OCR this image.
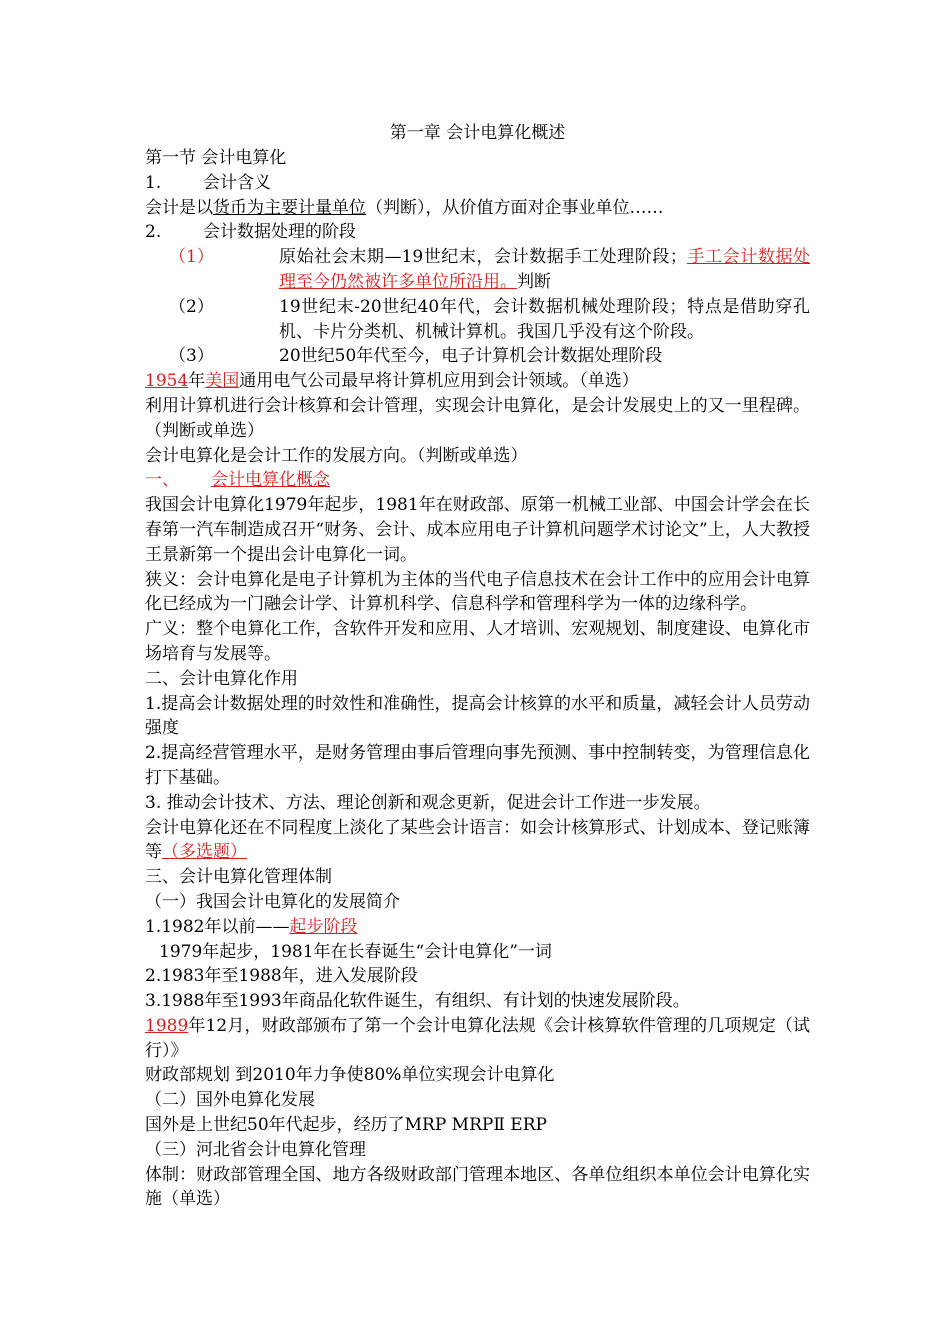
第一章 会计电算化概述
第一节 会计电算化
1. 会计含义
会计是以货币为主要计量单位（判断），从价值方面对企事业单位……
2. 会计数据处理的阶段
（1）	原始社会末期—19世纪末，会计数据手工处理阶段；手工会计数据处理至今仍然被许多单位所沿用。判断
（2）	19世纪末-20世纪40年代，会计数据机械处理阶段；特点是借助穿孔机、卡片分类机、机械计算机。我国几乎没有这个阶段。
（3）	20世纪50年代至今，电子计算机会计数据处理阶段
1954年美国通用电气公司最早将计算机应用到会计领域。（单选）
利用计算机进行会计核算和会计管理，实现会计电算化，是会计发展史上的又一里程碑。（判断或单选）
会计电算化是会计工作的发展方向。（判断或单选）
一、 会计电算化概念
我国会计电算化1979年起步，1981年在财政部、原第一机械工业部、中国会计学会在长春第一汽车制造成召开“财务、会计、成本应用电子计算机问题学术讨论文”上，人大教授王景新第一个提出会计电算化一词。
狭义：会计电算化是电子计算机为主体的当代电子信息技术在会计工作中的应用会计电算化已经成为一门融会计学、计算机科学、信息科学和管理科学为一体的边缘科学。
广义：整个电算化工作，含软件开发和应用、人才培训、宏观规划、制度建设、电算化市场培育与发展等。
二、会计电算化作用
1.提高会计数据处理的时效性和准确性，提高会计核算的水平和质量，减轻会计人员劳动强度
2.提高经营管理水平，是财务管理由事后管理向事先预测、事中控制转变，为管理信息化打下基础。
3. 推动会计技术、方法、理论创新和观念更新，促进会计工作进一步发展。
会计电算化还在不同程度上淡化了某些会计语言：如会计核算形式、计划成本、登记账簿等（多选题）
三、会计电算化管理体制
（一）我国会计电算化的发展简介
1.1982年以前——起步阶段
1979年起步，1981年在长春诞生“会计电算化”一词
2.1983年至1988年，进入发展阶段
3.1988年至1993年商品化软件诞生，有组织、有计划的快速发展阶段。
1989年12月，财政部颁布了第一个会计电算化法规《会计核算软件管理的几项规定（试行）》
财政部规划 到2010年力争使80%单位实现会计电算化
（二）国外电算化发展
国外是上世纪50年代起步，经历了MRP MRPⅡ ERP
（三）河北省会计电算化管理
体制：财政部管理全国、地方各级财政部门管理本地区、各单位组织本单位会计电算化实施（单选）
